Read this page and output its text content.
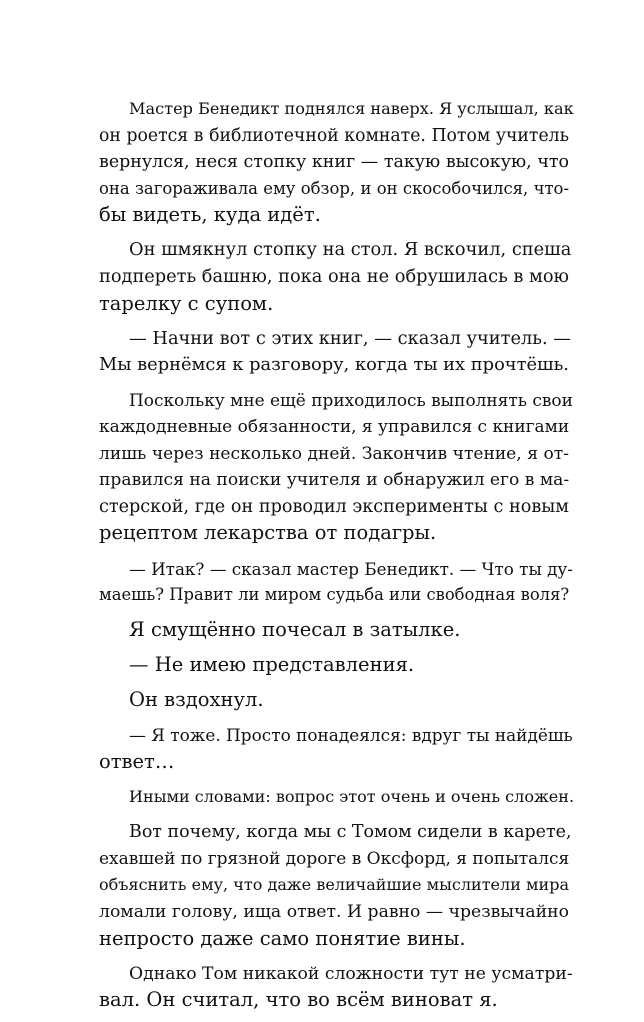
Мастер Бенедикт поднялся наверх. Я услышал, как
он роется в библиотечной комнате. Потом учитель
вернулся, неся стопку книг — такую высокую, что
она загораживала ему обзор, и он скособочился, что-
бы видеть, куда идёт.

Он шмякнул стопку на стол. Я вскочил, спеша
подпереть башню, пока она не обрушилась в мою
тарелку с супом.

— Начни вот с этих книг, — сказал учитель. —
Мы вернёмся к разговору, когда ты их прочтёшь.

Поскольку мне ещё приходилось выполнять свои
каждодневные обязанности, я управился с книгами
лишь через несколько дней. Закончив чтение, я от-
правился на поиски учителя и обнаружил его в ма-
стерской, где он проводил эксперименты с новым
рецептом лекарства от подагры.

— Итак? — сказал мастер Бенедикт. — Что ты ду-
маешь? Правит ли миром судьба или свободная воля?

Я смущённо почесал в затылке.

— Не имею представления.

Он вздохнул.

— Я тоже. Просто понадеялся: вдруг ты найдёшь
ответ…

Иными словами: вопрос этот очень и очень сложен.

Вот почему, когда мы с Томом сидели в карете,
ехавшей по грязной дороге в Оксфорд, я попытался
объяснить ему, что даже величайшие мыслители мира
ломали голову, ища ответ. И равно — чрезвычайно
непросто даже само понятие вины.

Однако Том никакой сложности тут не усматри-
вал. Он считал, что во всём виноват я.
